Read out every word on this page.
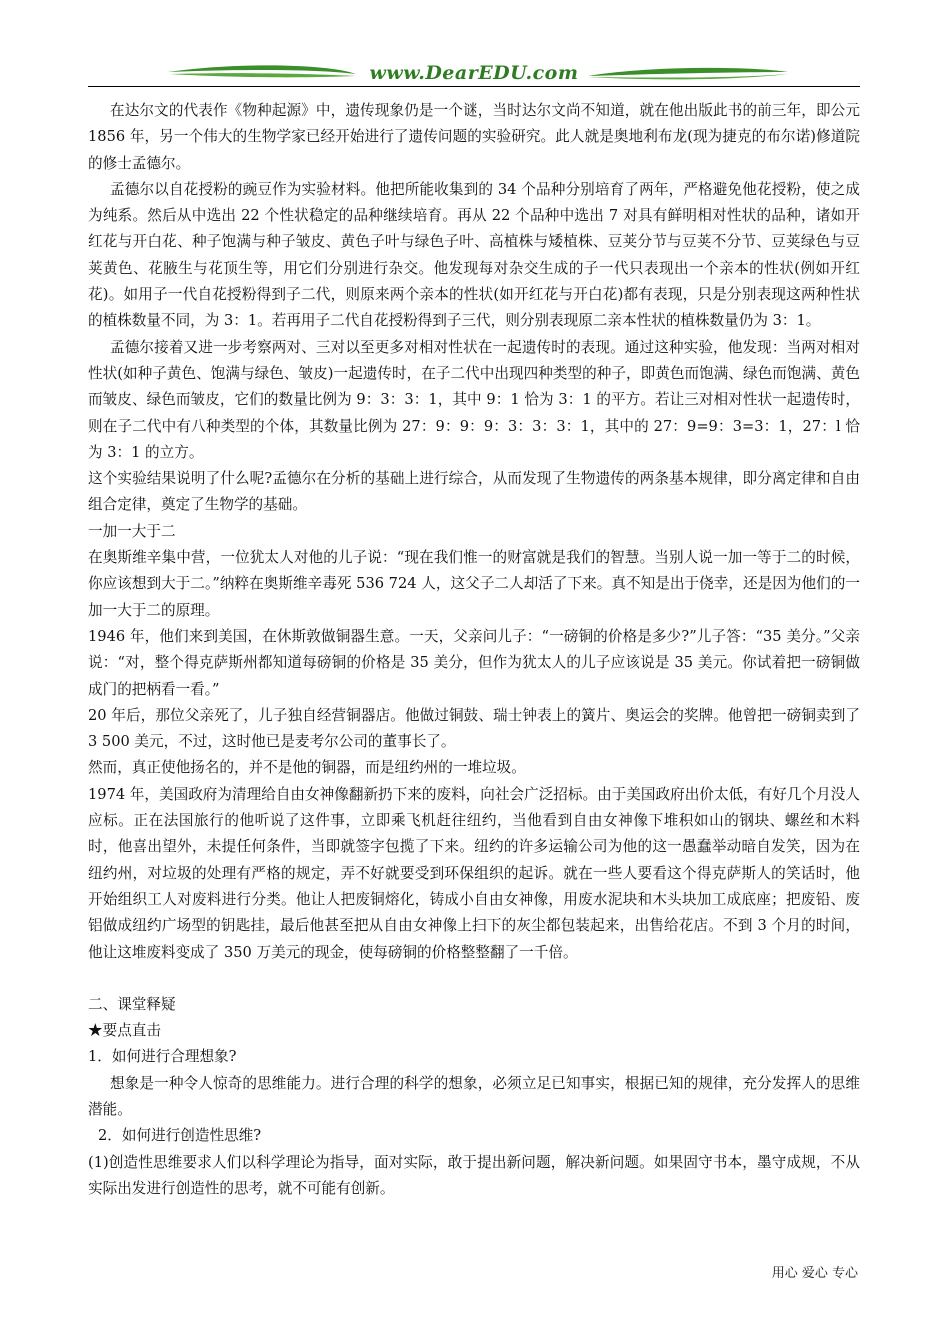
www.DearEDU.com

在达尔文的代表作《物种起源》中，遗传现象仍是一个谜，当时达尔文尚不知道，就在他出版此书的前三年，即公元 1856 年，另一个伟大的生物学家已经开始进行了遗传问题的实验研究。此人就是奥地利布龙(现为捷克的布尔诺)修道院的修士孟德尔。

孟德尔以自花授粉的豌豆作为实验材料。他把所能收集到的 34 个品种分别培育了两年，严格避免他花授粉，使之成为纯系。然后从中选出 22 个性状稳定的品种继续培育。再从 22 个品种中选出 7 对具有鲜明相对性状的品种，诸如开红花与开白花、种子饱满与种子皱皮、黄色子叶与绿色子叶、高植株与矮植株、豆荚分节与豆荚不分节、豆荚绿色与豆荚黄色、花腋生与花顶生等，用它们分别进行杂交。他发现每对杂交生成的子一代只表现出一个亲本的性状(例如开红花)。如用子一代自花授粉得到子二代，则原来两个亲本的性状(如开红花与开白花)都有表现，只是分别表现这两种性状的植株数量不同，为 3：1。若再用子二代自花授粉得到子三代，则分别表现原二亲本性状的植株数量仍为 3：1。

孟德尔接着又进一步考察两对、三对以至更多对相对性状在一起遗传时的表现。通过这种实验，他发现：当两对相对性状(如种子黄色、饱满与绿色、皱皮)一起遗传时，在子二代中出现四种类型的种子，即黄色而饱满、绿色而饱满、黄色而皱皮、绿色而皱皮，它们的数量比例为 9：3：3：1，其中 9：1 恰为 3：1 的平方。若让三对相对性状一起遗传时，则在子二代中有八种类型的个体，其数量比例为 27：9：9：9：3：3：3：1，其中的 27：9=9：3=3：1，27：l 恰为 3：1 的立方。

这个实验结果说明了什么呢?孟德尔在分析的基础上进行综合，从而发现了生物遗传的两条基本规律，即分离定律和自由组合定律，奠定了生物学的基础。

一加一大于二

在奥斯维辛集中营，一位犹太人对他的儿子说：“现在我们惟一的财富就是我们的智慧。当别人说一加一等于二的时候，你应该想到大于二。”纳粹在奥斯维辛毒死 536 724 人，这父子二人却活了下来。真不知是出于侥幸，还是因为他们的一加一大于二的原理。

1946 年，他们来到美国，在休斯敦做铜器生意。一天，父亲问儿子：“一磅铜的价格是多少?”儿子答：“35 美分。”父亲说：“对，整个得克萨斯州都知道每磅铜的价格是 35 美分，但作为犹太人的儿子应该说是 35 美元。你试着把一磅铜做成门的把柄看一看。”

20 年后，那位父亲死了，儿子独自经营铜器店。他做过铜鼓、瑞士钟表上的簧片、奥运会的奖牌。他曾把一磅铜卖到了 3 500 美元，不过，这时他已是麦考尔公司的董事长了。

然而，真正使他扬名的，并不是他的铜器，而是纽约州的一堆垃圾。

1974 年，美国政府为清理给自由女神像翻新扔下来的废料，向社会广泛招标。由于美国政府出价太低，有好几个月没人应标。正在法国旅行的他听说了这件事，立即乘飞机赶往纽约，当他看到自由女神像下堆积如山的钢块、螺丝和木料时，他喜出望外，未提任何条件，当即就签字包揽了下来。纽约的许多运输公司为他的这一愚蠢举动暗自发笑，因为在纽约州，对垃圾的处理有严格的规定，弄不好就要受到环保组织的起诉。就在一些人要看这个得克萨斯人的笑话时，他开始组织工人对废料进行分类。他让人把废铜熔化，铸成小自由女神像，用废水泥块和木头块加工成底座；把废铅、废铝做成纽约广场型的钥匙挂，最后他甚至把从自由女神像上扫下的灰尘都包装起来，出售给花店。不到 3 个月的时间，他让这堆废料变成了 350 万美元的现金，使每磅铜的价格整整翻了一千倍。

二、课堂释疑

★要点直击

1．如何进行合理想象?

想象是一种令人惊奇的思维能力。进行合理的科学的想象，必须立足已知事实，根据已知的规律，充分发挥人的思维潜能。

2．如何进行创造性思维?

(1)创造性思维要求人们以科学理论为指导，面对实际，敢于提出新问题，解决新问题。如果固守书本，墨守成规，不从实际出发进行创造性的思考，就不可能有创新。

用心 爱心 专心
